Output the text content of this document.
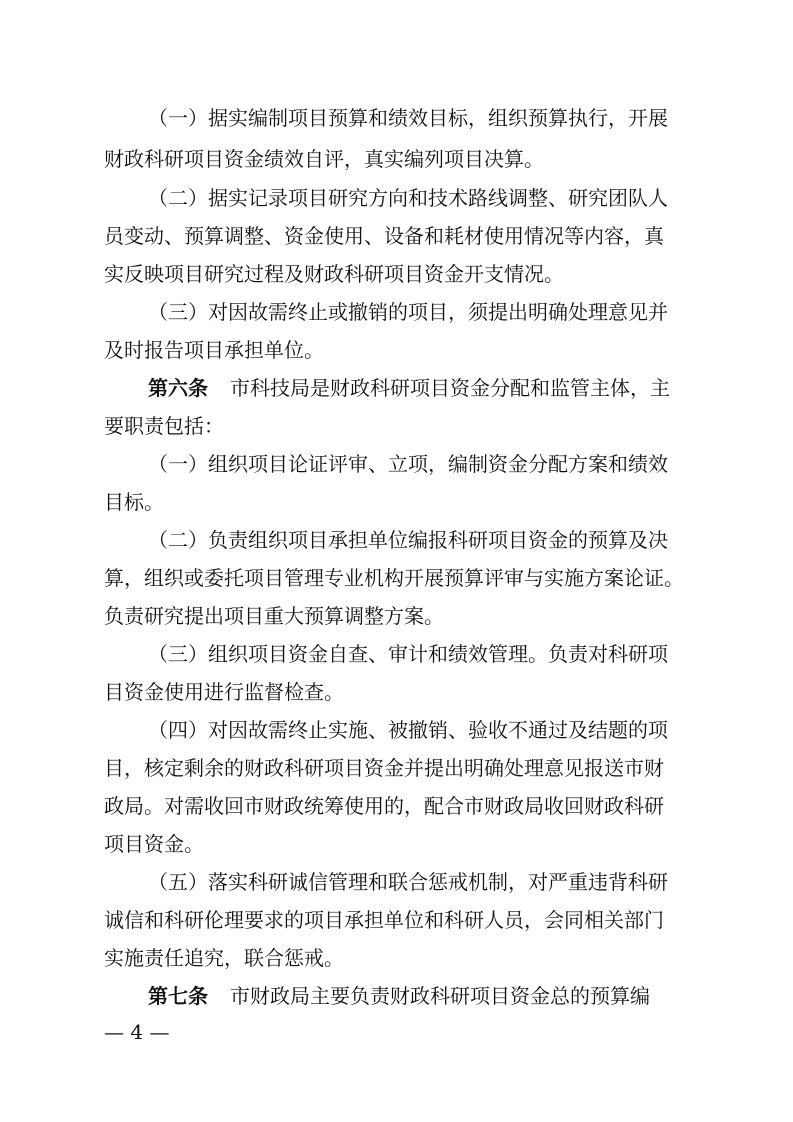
（一）据实编制项目预算和绩效目标，组织预算执行，开展
财政科研项目资金绩效自评，真实编列项目决算。
（二）据实记录项目研究方向和技术路线调整、研究团队人
员变动、预算调整、资金使用、设备和耗材使用情况等内容，真
实反映项目研究过程及财政科研项目资金开支情况。
（三）对因故需终止或撤销的项目，须提出明确处理意见并
及时报告项目承担单位。
第六条 市科技局是财政科研项目资金分配和监管主体，主
要职责包括：
（一）组织项目论证评审、立项，编制资金分配方案和绩效
目标。
（二）负责组织项目承担单位编报科研项目资金的预算及决
算，组织或委托项目管理专业机构开展预算评审与实施方案论证。
负责研究提出项目重大预算调整方案。
（三）组织项目资金自查、审计和绩效管理。负责对科研项
目资金使用进行监督检查。
（四）对因故需终止实施、被撤销、验收不通过及结题的项
目，核定剩余的财政科研项目资金并提出明确处理意见报送市财
政局。对需收回市财政统筹使用的，配合市财政局收回财政科研
项目资金。
（五）落实科研诚信管理和联合惩戒机制，对严重违背科研
诚信和科研伦理要求的项目承担单位和科研人员，会同相关部门
实施责任追究，联合惩戒。
第七条 市财政局主要负责财政科研项目资金总的预算编
— 4 —
